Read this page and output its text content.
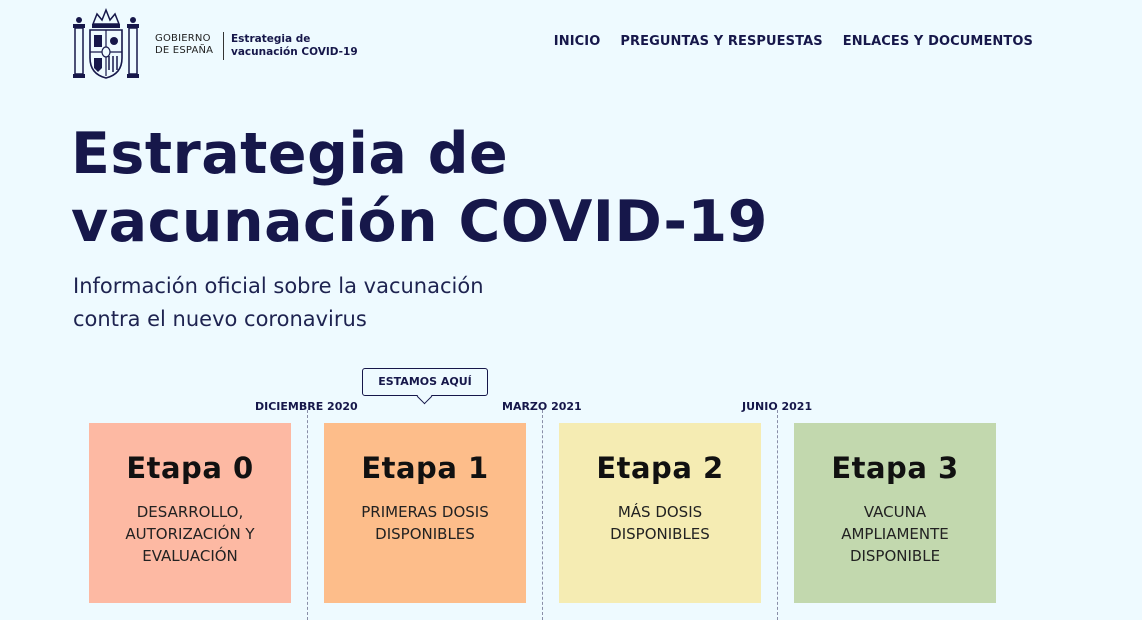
GOBIERNO
DE ESPAÑA
Estrategia de
vacunación COVID-19
INICIO PREGUNTAS Y RESPUESTAS ENLACES Y DOCUMENTOS
Estrategia de
vacunación COVID-19

Información oficial sobre la vacunación
contra el nuevo coronavirus

ESTAMOS AQUÍ
DICIEMBRE 2020	MARZO 2021	JUNIO 2021
Etapa 0
DESARROLLO,
AUTORIZACIÓN Y
EVALUACIÓN
Etapa 1
PRIMERAS DOSIS
DISPONIBLES
Etapa 2
MÁS DOSIS
DISPONIBLES
Etapa 3
VACUNA
AMPLIAMENTE
DISPONIBLE
